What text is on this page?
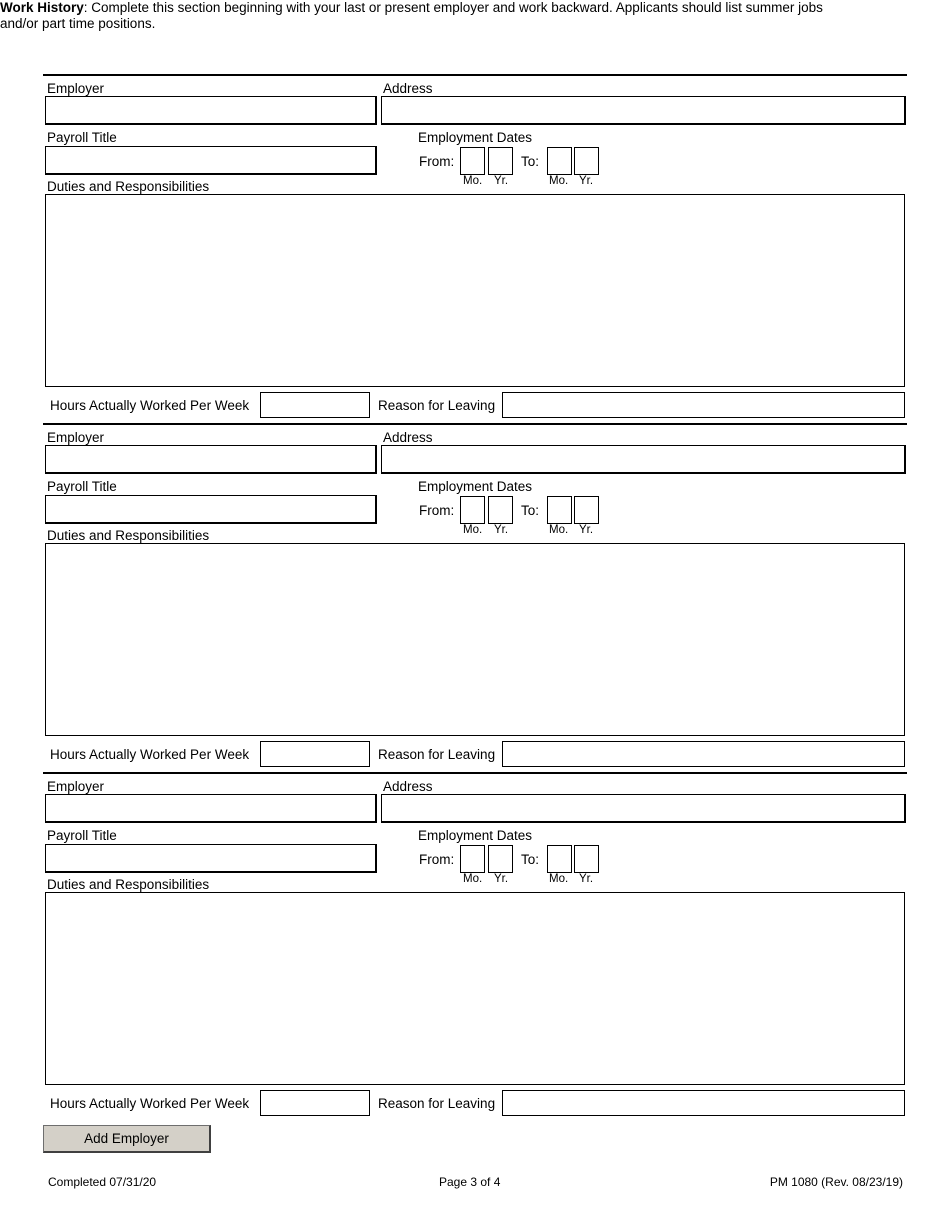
Work History: Complete this section beginning with your last or present employer and work backward. Applicants should list summer jobs and/or part time positions.
Employer	Address
Payroll Title	Employment Dates
From:	To:
Mo. Yr.	Mo. Yr.
Duties and Responsibilities
Hours Actually Worked Per Week	Reason for Leaving
Employer	Address
Payroll Title	Employment Dates
From:	To:
Mo. Yr.	Mo. Yr.
Duties and Responsibilities
Hours Actually Worked Per Week	Reason for Leaving
Employer	Address
Payroll Title	Employment Dates
From:	To:
Mo. Yr.	Mo. Yr.
Duties and Responsibilities
Hours Actually Worked Per Week	Reason for Leaving
Add Employer
Completed 07/31/20	Page 3 of 4	PM 1080 (Rev. 08/23/19)
